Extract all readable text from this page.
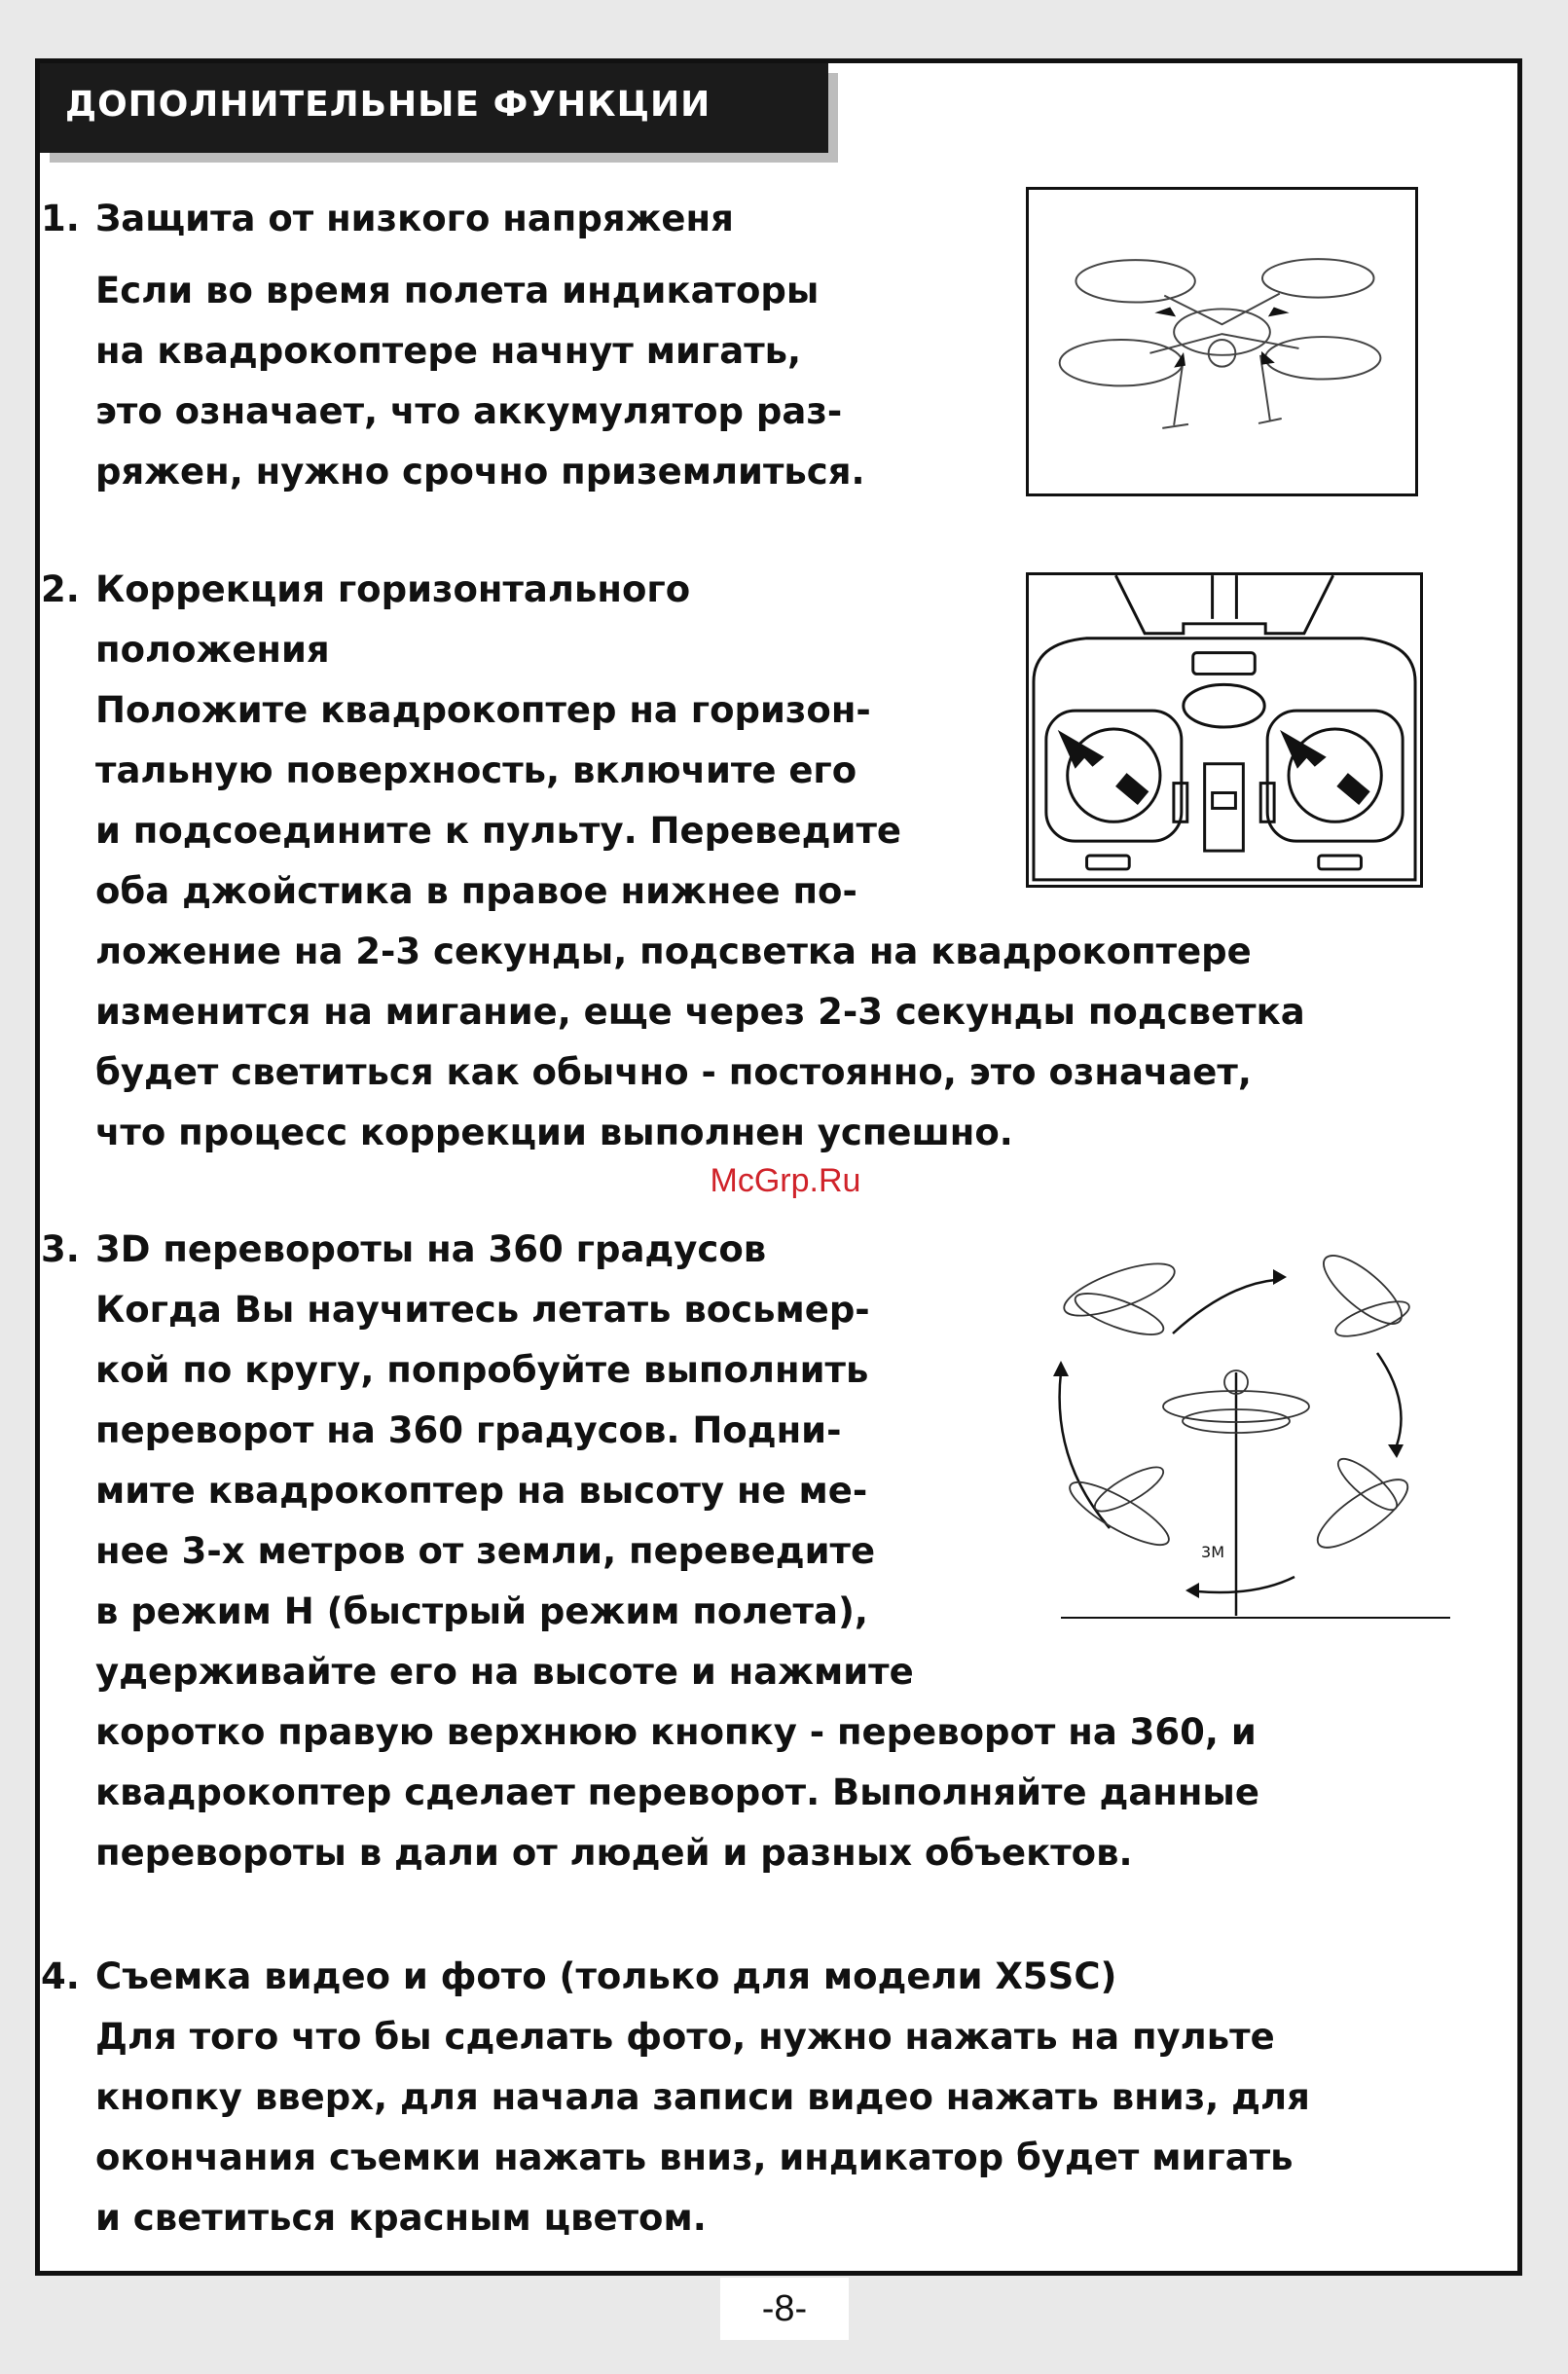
ДОПОЛНИТЕЛЬНЫЕ ФУНКЦИИ
1. Защита от низкого напряженя
Если во время полета индикаторы
на квадрокоптере начнут мигать,
это означает, что аккумулятор раз-
ряжен, нужно срочно приземлиться.
2. Коррекция горизонтального
положения
Положите квадрокоптер на горизон-
тальную поверхность, включите его
и подсоедините к пульту. Переведите
оба джойстика в правое нижнее по-
ложение на 2-3 секунды, подсветка на квадрокоптере
изменится на мигание, еще через 2-3 секунды подсветка
будет светиться как обычно - постоянно, это означает,
что процесс коррекции выполнен успешно.
McGrp.Ru
3. 3D перевороты на 360 градусов
Когда Вы научитесь летать восьмер-
кой по кругу, попробуйте выполнить
переворот на 360 градусов. Подни-
мите квадрокоптер на высоту не ме-
нее 3-х метров от земли, переведите
в режим H (быстрый режим полета),
удерживайте его на высоте и нажмите
коротко правую верхнюю кнопку - переворот на 360, и
квадрокоптер сделает переворот. Выполняйте данные
перевороты в дали от людей и разных объектов.
3M
4. Съемка видео и фото (только для модели X5SC)
Для того что бы сделать фото, нужно нажать на пульте
кнопку вверх, для начала записи видео нажать вниз, для
окончания съемки нажать вниз, индикатор будет мигать
и светиться красным цветом.
-8-
